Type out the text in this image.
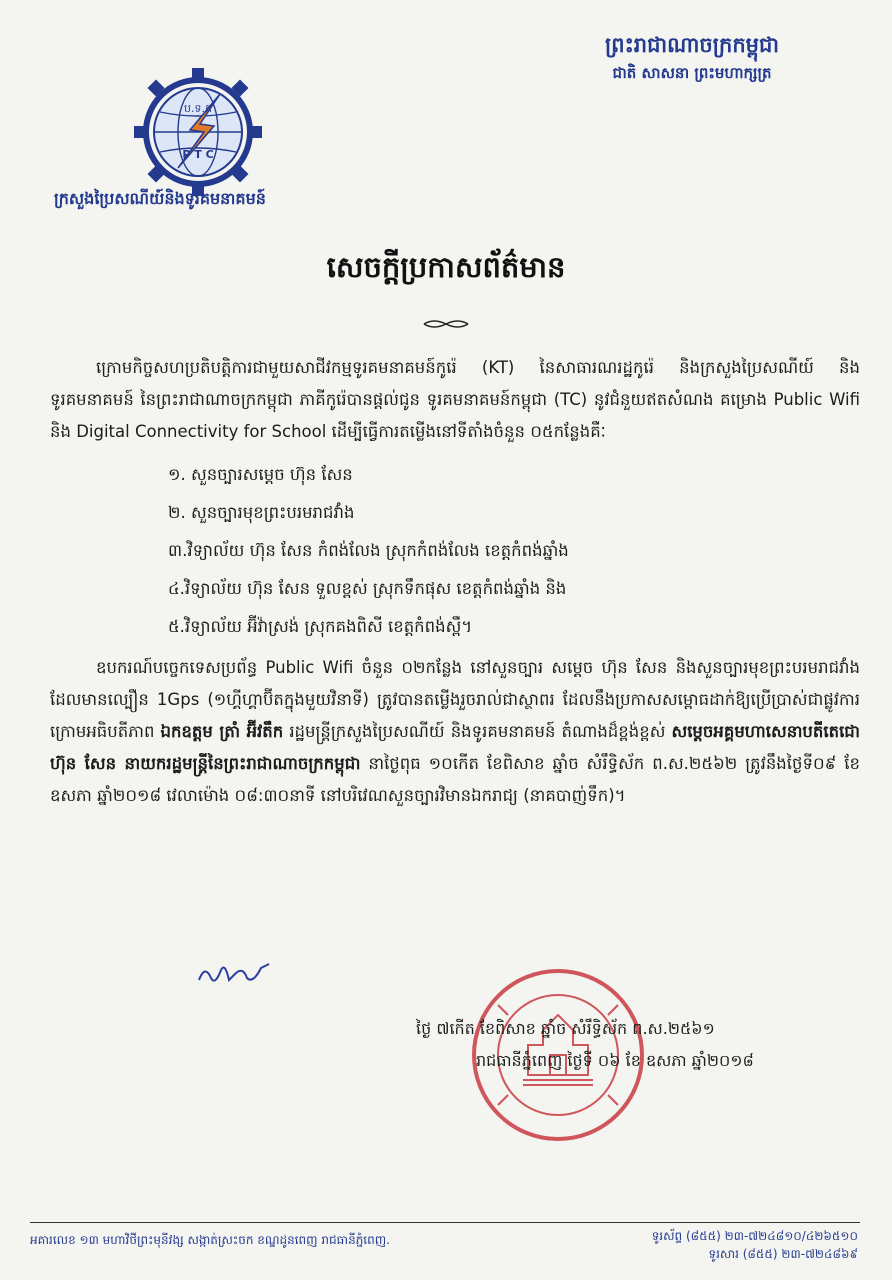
ព្រះរាជាណាចក្រកម្ពុជា
ជាតិ សាសនា ព្រះមហាក្សត្រ
ប.ទ.គ
P T C
ក្រសួងប្រៃសណីយ៍និងទូរគមនាគមន៍
សេចក្តីប្រកាសព័ត៌មាន

ក្រោមកិច្ចសហប្រតិបត្តិការជាមួយសាជីវកម្មទូរគមនាគមន៍កូរ៉េ (KT) នៃសាធារណរដ្ឋកូរ៉េ និងក្រសួងប្រៃសណីយ៍ និង ទូរគមនាគមន៍ នៃព្រះរាជាណាចក្រកម្ពុជា ភាគីកូរ៉េបានផ្តល់ជូន ទូរគមនាគមន៍កម្ពុជា (TC) នូវជំនួយឥតសំណង គម្រោង Public Wifi និង Digital Connectivity for School ដើម្បីធ្វើការតម្លើងនៅទីតាំងចំនួន ០៥កន្លែងគឺៈ

១. សួនច្បារសម្តេច ហ៊ុន សែន
២. សួនច្បារមុខព្រះបរមរាជវាំង
៣.វិទ្យាល័យ ហ៊ុន សែន កំពង់លែង ស្រុកកំពង់លែង ខេត្តកំពង់ឆ្នាំង
៤.វិទ្យាល័យ ហ៊ុន សែន ទួលខ្ពស់ ស្រុកទឹកផុស ខេត្តកំពង់ឆ្នាំង និង
៥.វិទ្យាល័យ អ៊ីវ៉ាស្រង់ ស្រុកគងពិសី ខេត្តកំពង់ស្ពឺ។

ឧបករណ៍បច្ចេកទេសប្រព័ន្ធ Public Wifi ចំនួន ០២កន្លែង នៅសួនច្បារ សម្តេច ហ៊ុន សែន និងសួនច្បារមុខព្រះបរមរាជវាំង ដែលមានល្បឿន 1Gps (១ហ្គីហ្គាប៊ីតក្នុងមួយវិនាទី) ត្រូវបានតម្លើងរួចរាល់ជាស្ថាពរ ដែលនឹងប្រកាសសម្ពោធដាក់ឱ្យប្រើប្រាស់ជាផ្លូវការក្រោមអធិបតីភាព ឯកឧត្តម ត្រាំ អ៊ីវតឹក រដ្ឋមន្ត្រីក្រសួងប្រៃសណីយ៍ និងទូរគមនាគមន៍ តំណាងដ៏ខ្ពង់ខ្ពស់ សម្តេចអគ្គមហាសេនាបតីតេជោ ហ៊ុន សែន នាយករដ្ឋមន្ត្រីនៃព្រះរាជាណាចក្រកម្ពុជា នាថ្ងៃពុធ ១០កើត ខែពិសាខ ឆ្នាំច សំរឹទ្ធិស័ក ព.ស.២៥៦២ ត្រូវនឹងថ្ងៃទី០៩ ខែឧសភា ឆ្នាំ២០១៨ វេលាម៉ោង ០៨:៣០នាទី នៅបរិវេណសួនច្បារវិមានឯករាជ្យ (នាគបាញ់ទឹក)។

ថ្ងៃ ៧កើត ខែពិសាខ ឆ្នាំច សំរឹទ្ធិស័ក ព.ស.២៥៦១
រាជធានីភ្នំពេញ ថ្ងៃទី ០៦ ខែ ឧសភា ឆ្នាំ២០១៨
អគារលេខ ១៣ មហាវិថីព្រះមុនីវង្ស សង្កាត់ស្រះចក ខណ្ឌដូនពេញ រាជធានីភ្នំពេញ.	ទូរស័ព្ទ (៨៥៥) ២៣-៧២៤៨១០/៤២៦៥១០
ទូរសារ (៨៥៥) ២៣-៧២៤៨៦៩
